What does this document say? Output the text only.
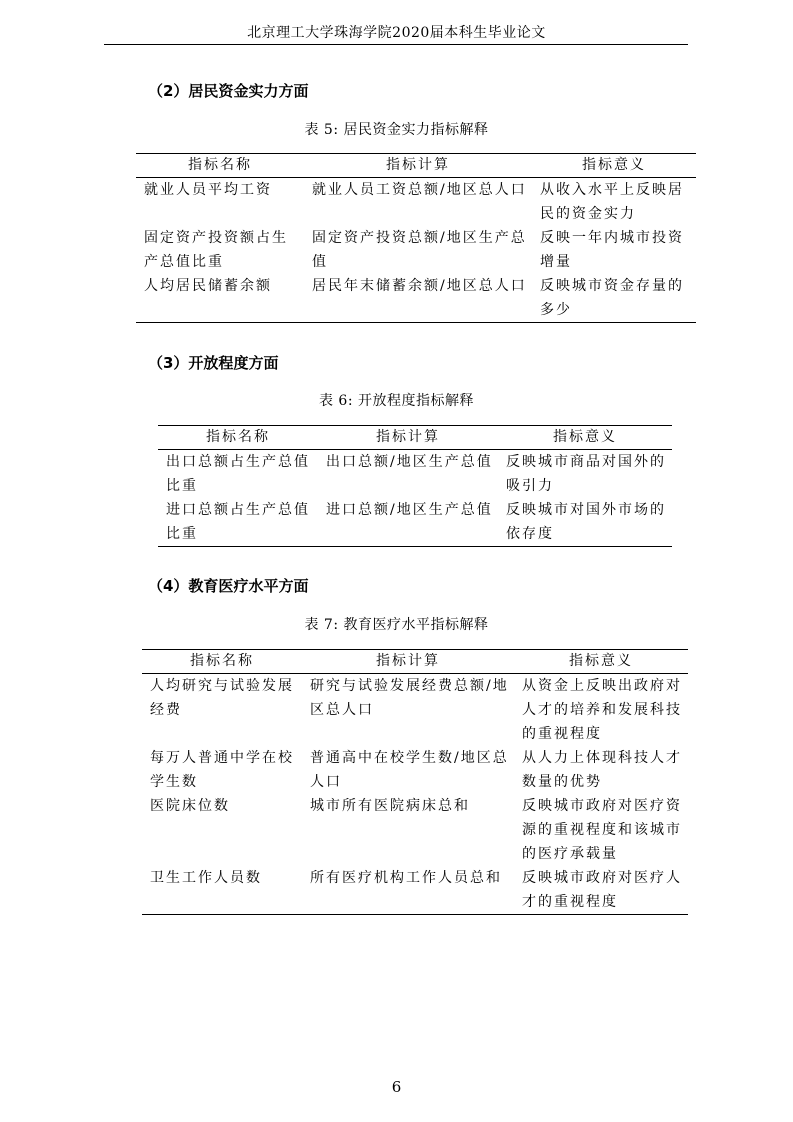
北京理工大学珠海学院2020届本科生毕业论文
（2）居民资金实力方面
表 5: 居民资金实力指标解释
指标名称	指标计算	指标意义
就业人员平均工资	就业人员工资总额/地区总人口	从收入水平上反映居民的资金实力
固定资产投资额占生产总值比重	固定资产投资总额/地区生产总值	反映一年内城市投资增量
人均居民储蓄余额	居民年末储蓄余额/地区总人口	反映城市资金存量的多少
（3）开放程度方面
表 6: 开放程度指标解释
指标名称	指标计算	指标意义
出口总额占生产总值比重	出口总额/地区生产总值	反映城市商品对国外的吸引力
进口总额占生产总值比重	进口总额/地区生产总值	反映城市对国外市场的依存度
（4）教育医疗水平方面
表 7: 教育医疗水平指标解释
指标名称	指标计算	指标意义
人均研究与试验发展经费	研究与试验发展经费总额/地区总人口	从资金上反映出政府对人才的培养和发展科技的重视程度
每万人普通中学在校学生数	普通高中在校学生数/地区总人口	从人力上体现科技人才数量的优势
医院床位数	城市所有医院病床总和	反映城市政府对医疗资源的重视程度和该城市的医疗承载量
卫生工作人员数	所有医疗机构工作人员总和	反映城市政府对医疗人才的重视程度
6
